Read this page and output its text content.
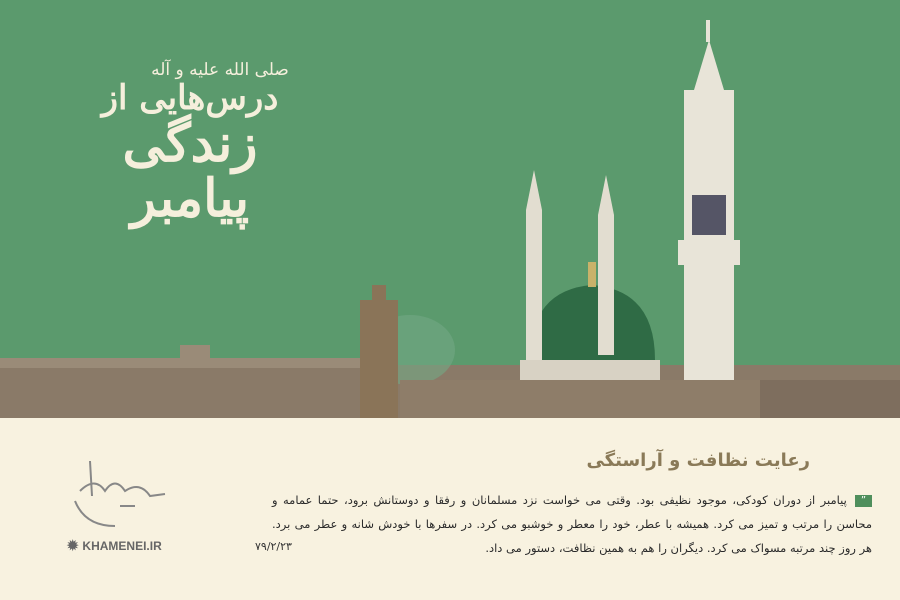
صلی الله علیه و آله
درس‌هایی از
زندگی پیامبر
رعایت نظافت و آراستگی
”پیامبر از دوران کودکی، موجود نظیفی بود. وقتی می خواست نزد مسلمانان و رفقا و دوستانش برود، حتما عمامه و محاسن را مرتب و تمیز می کرد. همیشه با عطر، خود را معطر و خوشبو می کرد. در سفرها با خودش شانه و عطر می برد. هر روز چند مرتبه مسواک می کرد. دیگران را هم به همین نظافت، دستور می داد.
۷۹/۲/۲۳
✹ KHAMENEI.IR
